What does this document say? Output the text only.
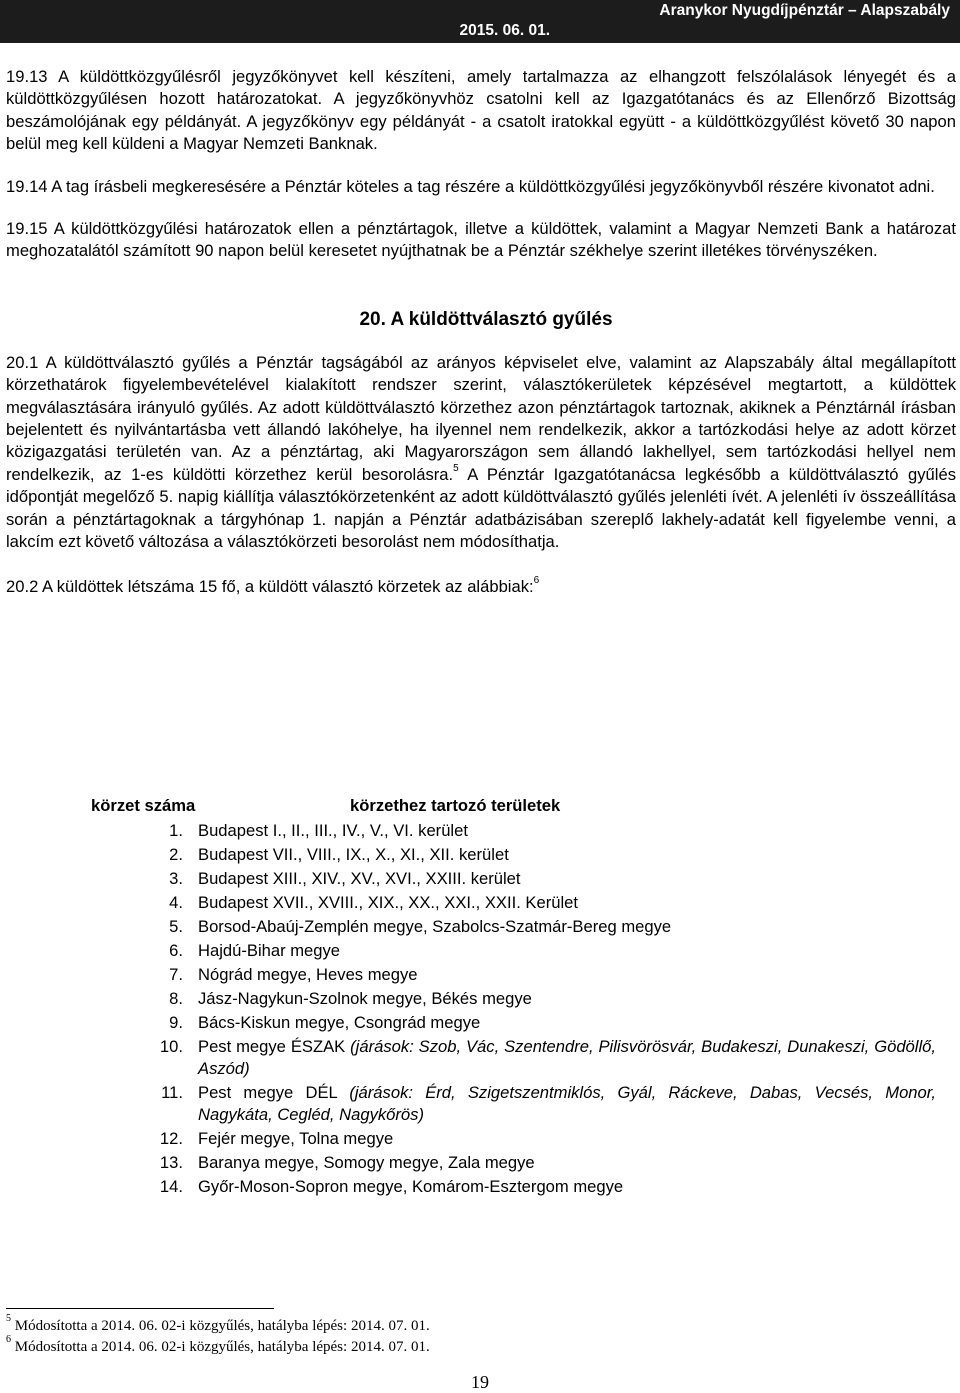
Aranykor Nyugdíjpénztár – Alapszabály
2015. 06. 01.

19.13 A küldöttközgyűlésről jegyzőkönyvet kell készíteni, amely tartalmazza az elhangzott felszólalások lényegét és a küldöttközgyűlésen hozott határozatokat. A jegyzőkönyvhöz csatolni kell az Igazgatótanács és az Ellenőrző Bizottság beszámolójának egy példányát. A jegyzőkönyv egy példányát - a csatolt iratokkal együtt - a küldöttközgyűlést követő 30 napon belül meg kell küldeni a Magyar Nemzeti Banknak.

19.14 A tag írásbeli megkeresésére a Pénztár köteles a tag részére a küldöttközgyűlési jegyzőkönyvből részére kivonatot adni.

19.15 A küldöttközgyűlési határozatok ellen a pénztártagok, illetve a küldöttek, valamint a Magyar Nemzeti Bank a határozat meghozatalától számított 90 napon belül keresetet nyújthatnak be a Pénztár székhelye szerint illetékes törvényszéken.

20. A küldöttválasztó gyűlés

20.1 A küldöttválasztó gyűlés a Pénztár tagságából az arányos képviselet elve, valamint az Alapszabály által megállapított körzethatárok figyelembevételével kialakított rendszer szerint, választókerületek képzésével megtartott, a küldöttek megválasztására irányuló gyűlés. Az adott küldöttválasztó körzethez azon pénztártagok tartoznak, akiknek a Pénztárnál írásban bejelentett és nyilvántartásba vett állandó lakóhelye, ha ilyennel nem rendelkezik, akkor a tartózkodási helye az adott körzet közigazgatási területén van. Az a pénztártag, aki Magyarországon sem állandó lakhellyel, sem tartózkodási hellyel nem rendelkezik, az 1-es küldötti körzethez kerül besorolásra.$^5$ A Pénztár Igazgatótanácsa legkésőbb a küldöttválasztó gyűlés időpontját megelőző 5. napig kiállítja választókörzetenként az adott küldöttválasztó gyűlés jelenléti ívét. A jelenléti ív összeállítása során a pénztártagoknak a tárgyhónap 1. napján a Pénztár adatbázisában szereplő lakhely-adatát kell figyelembe venni, a lakcím ezt követő változása a választókörzeti besorolást nem módosíthatja.

20.2 A küldöttek létszáma 15 fő, a küldött választó körzetek az alábbiak:$^6$

körzet száma	körzethez tartozó területek
1.	Budapest I., II., III., IV., V., VI. kerület
2.	Budapest VII., VIII., IX., X., XI., XII. kerület
3.	Budapest XIII., XIV., XV., XVI., XXIII. kerület
4.	Budapest XVII., XVIII., XIX., XX., XXI., XXII. Kerület
5.	Borsod-Abaúj-Zemplén megye, Szabolcs-Szatmár-Bereg megye
6.	Hajdú-Bihar megye
7.	Nógrád megye, Heves megye
8.	Jász-Nagykun-Szolnok megye, Békés megye
9.	Bács-Kiskun megye, Csongrád megye
10.	Pest megye ÉSZAK (járások: Szob, Vác, Szentendre, Pilisvörösvár, Budakeszi, Dunakeszi, Gödöllő, Aszód)
11.	Pest megye DÉL (járások: Érd, Szigetszentmiklós, Gyál, Ráckeve, Dabas, Vecsés, Monor, Nagykáta, Cegléd, Nagykőrös)
12.	Fejér megye, Tolna megye
13.	Baranya megye, Somogy megye, Zala megye
14.	Győr-Moson-Sopron megye, Komárom-Esztergom megye
$^5$ Módosította a 2014. 06. 02-i közgyűlés, hatályba lépés: 2014. 07. 01.
$^6$ Módosította a 2014. 06. 02-i közgyűlés, hatályba lépés: 2014. 07. 01.
19
